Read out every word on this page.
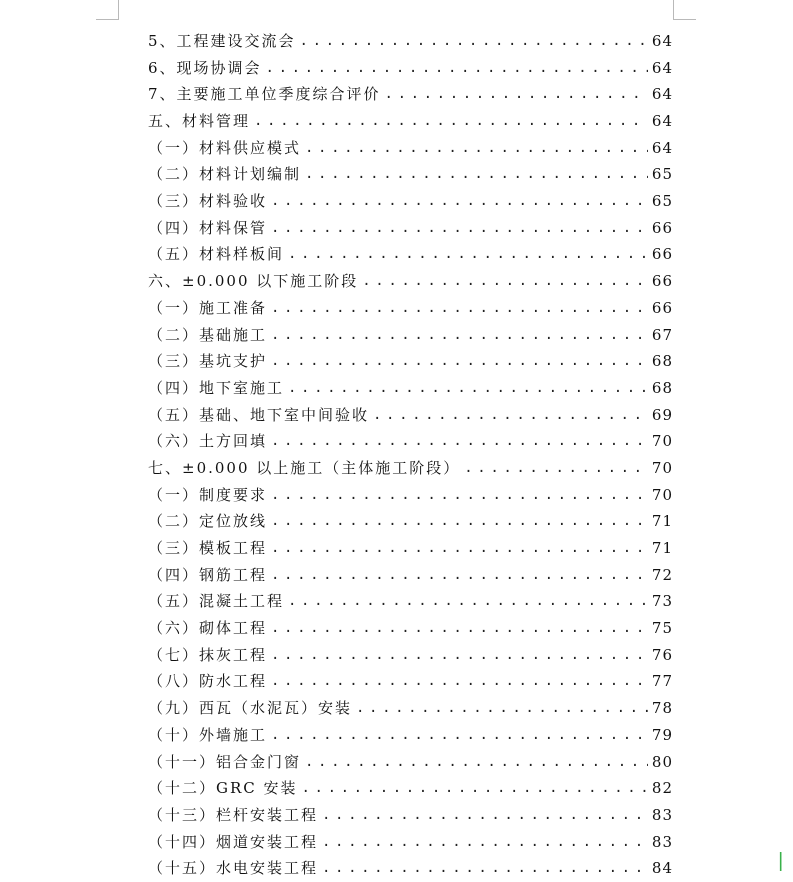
5、工程建设交流会 .....	64
6、现场协调会 .....	64
7、主要施工单位季度综合评价 .....	64
五、材料管理 .....	64
（一）材料供应模式 .....	64
（二）材料计划编制 .....	65
（三）材料验收 .....	65
（四）材料保管 .....	66
（五）材料样板间 .....	66
六、±0.000 以下施工阶段 .....	66
（一）施工准备 .....	66
（二）基础施工 .....	67
（三）基坑支护 .....	68
（四）地下室施工 .....	68
（五）基础、地下室中间验收 .....	69
（六）土方回填 .....	70
七、±0.000 以上施工（主体施工阶段） .....	70
（一）制度要求 .....	70
（二）定位放线 .....	71
（三）模板工程 .....	71
（四）钢筋工程 .....	72
（五）混凝土工程 .....	73
（六）砌体工程 .....	75
（七）抹灰工程 .....	76
（八）防水工程 .....	77
（九）西瓦（水泥瓦）安装 .....	78
（十）外墙施工 .....	79
（十一）铝合金门窗 .....	80
（十二）GRC 安装 .....	82
（十三）栏杆安装工程 .....	83
（十四）烟道安装工程 .....	83
（十五）水电安装工程 .....	84	▏
